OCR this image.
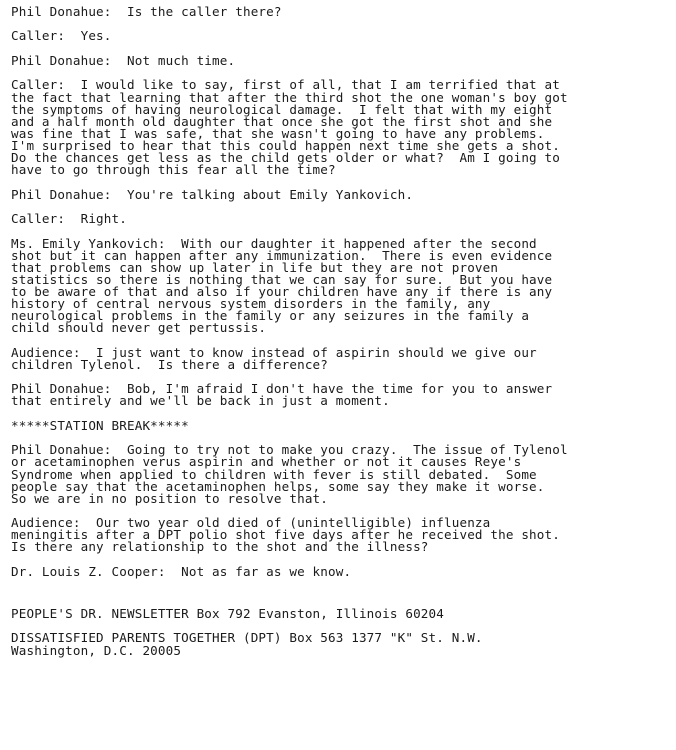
Phil Donahue:  Is the caller there?
Caller:  Yes.
Phil Donahue:  Not much time.
Caller:  I would like to say, first of all, that I am terrified that at
the fact that learning that after the third shot the one woman's boy got
the symptoms of having neurological damage.  I felt that with my eight
and a half month old daughter that once she got the first shot and she
was fine that I was safe, that she wasn't going to have any problems.
I'm surprised to hear that this could happen next time she gets a shot.
Do the chances get less as the child gets older or what?  Am I going to
have to go through this fear all the time?
Phil Donahue:  You're talking about Emily Yankovich.
Caller:  Right.
Ms. Emily Yankovich:  With our daughter it happened after the second
shot but it can happen after any immunization.  There is even evidence
that problems can show up later in life but they are not proven
statistics so there is nothing that we can say for sure.  But you have
to be aware of that and also if your children have any if there is any
history of central nervous system disorders in the family, any
neurological problems in the family or any seizures in the family a
child should never get pertussis.
Audience:  I just want to know instead of aspirin should we give our
children Tylenol.  Is there a difference?
Phil Donahue:  Bob, I'm afraid I don't have the time for you to answer
that entirely and we'll be back in just a moment.
*****STATION BREAK*****
Phil Donahue:  Going to try not to make you crazy.  The issue of Tylenol
or acetaminophen verus aspirin and whether or not it causes Reye's
Syndrome when applied to children with fever is still debated.  Some
people say that the acetaminophen helps, some say they make it worse.
So we are in no position to resolve that.
Audience:  Our two year old died of (unintelligible) influenza
meningitis after a DPT polio shot five days after he received the shot.
Is there any relationship to the shot and the illness?
Dr. Louis Z. Cooper:  Not as far as we know.
PEOPLE'S DR. NEWSLETTER Box 792 Evanston, Illinois 60204
DISSATISFIED PARENTS TOGETHER (DPT) Box 563 1377 "K" St. N.W.
Washington, D.C. 20005
